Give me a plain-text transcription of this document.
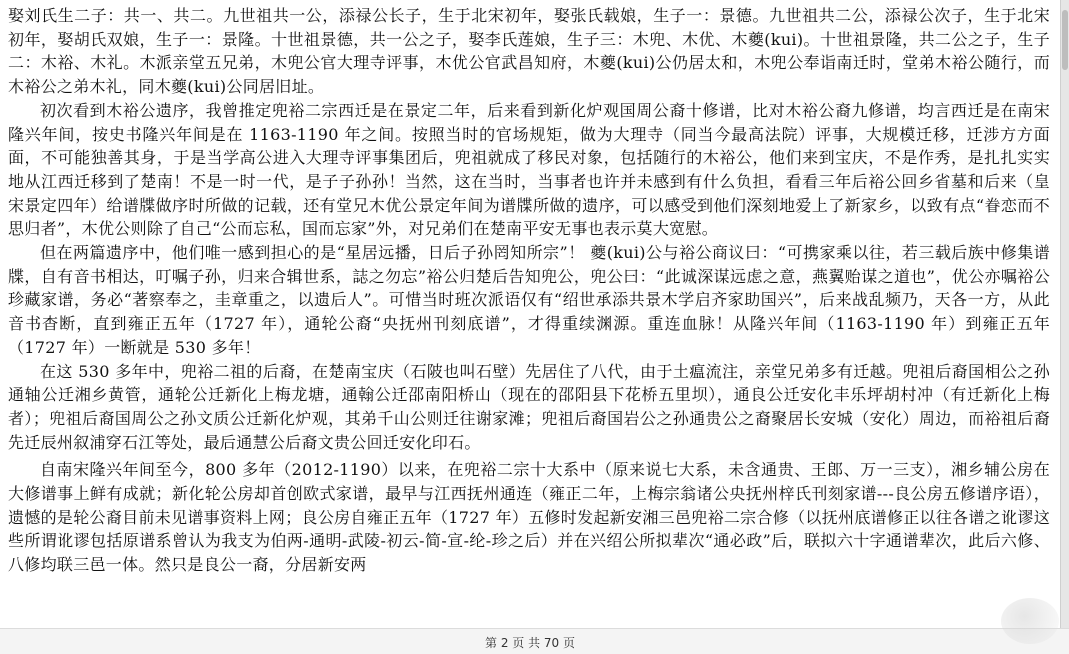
娶刘氏生二子：共一、共二。九世祖共一公，添禄公长子，生于北宋初年，娶张氏载娘，生子一：景德。九世祖共二公，添禄公次子，生于北宋初年，娶胡氏双娘，生子一：景隆。十世祖景德，共一公之子，娶李氏莲娘，生子三：木兜、木优、木夔(kui)。十世祖景隆，共二公之子，生子二：木裕、木礼。木派亲堂五兄弟，木兜公官大理寺评事，木优公官武昌知府，木夔(kui)公仍居太和，木兜公奉诣南迁时，堂弟木裕公随行，而木裕公之弟木礼，同木夔(kui)公同居旧址。

初次看到木裕公遗序，我曾推定兜裕二宗西迁是在景定二年，后来看到新化炉观国周公裔十修谱，比对木裕公裔九修谱，均言西迁是在南宋隆兴年间，按史书隆兴年间是在 1163-1190 年之间。按照当时的官场规矩，做为大理寺（同当今最高法院）评事，大规模迁移，迁涉方方面面，不可能独善其身，于是当学高公进入大理寺评事集团后，兜祖就成了移民对象，包括随行的木裕公，他们来到宝庆，不是作秀，是扎扎实实地从江西迁移到了楚南！不是一时一代，是子子孙孙！当然，这在当时，当事者也许并未感到有什么负担，看看三年后裕公回乡省墓和后来（皇宋景定四年）给谱牒做序时所做的记载，还有堂兄木优公景定年间为谱牒所做的遗序，可以感受到他们深刻地爱上了新家乡，以致有点“眷恋而不思归者”，木优公则除了自己“公而忘私，国而忘家”外，对兄弟们在楚南平安无事也表示莫大宽慰。

但在两篇遗序中，他们唯一感到担心的是“星居远播，日后子孙罔知所宗”！ 夔(kui)公与裕公商议曰：“可携家乘以往，若三载后族中修集谱牒，自有音书相达，叮嘱子孙，归来合辑世系，誌之勿忘”裕公归楚后告知兜公，兜公曰：“此诚深谋远虑之意，燕翼贻谋之道也”，优公亦嘱裕公珍藏家谱，务必“著察奉之，圭章重之，以遗后人”。可惜当时班次派语仅有“绍世承添共景木学启齐家助国兴”，后来战乱频乃，天各一方，从此音书杳断，直到雍正五年（1727 年），通轮公裔“央抚州刊刻底谱”，才得重续渊源。重连血脉！从隆兴年间（1163-1190 年）到雍正五年（1727 年）一断就是 530 多年！

在这 530 多年中，兜裕二祖的后裔，在楚南宝庆（石陂也叫石壁）先居住了八代，由于土瘟流注，亲堂兄弟多有迁越。兜祖后裔国相公之孙通轴公迁湘乡黄管，通轮公迁新化上梅龙塘，通翰公迁邵南阳桥山（现在的邵阳县下花桥五里坝），通良公迁安化丰乐坪胡村冲（有迁新化上梅者）；兜祖后裔国周公之孙文质公迁新化炉观，其弟千山公则迁往谢家滩；兜祖后裔国岩公之孙通贵公之裔聚居长安城（安化）周边，而裕祖后裔先迁辰州叙浦穿石江等处，最后通慧公后裔文贵公回迁安化印石。

自南宋隆兴年间至今，800 多年（2012-1190）以来，在兜裕二宗十大系中（原来说七大系，未含通贵、王郎、万一三支），湘乡辅公房在大修谱事上鲜有成就；新化轮公房却首创欧式家谱，最早与江西抚州通连（雍正二年，上梅宗翁诸公央抚州梓氏刊刻家谱---良公房五修谱序语），遗憾的是轮公裔目前未见谱事资料上网；良公房自雍正五年（1727 年）五修时发起新安湘三邑兜裕二宗合修（以抚州底谱修正以往各谱之讹谬这些所谓讹谬包括原谱系曾认为我支为伯两-通明-武陵-初云-简-宣-纶-珍之后）并在兴绍公所拟辈次“通必政”后，联拟六十字通谱辈次，此后六修、八修均联三邑一体。然只是良公一裔，分居新安两

第 2 页 共 70 页
